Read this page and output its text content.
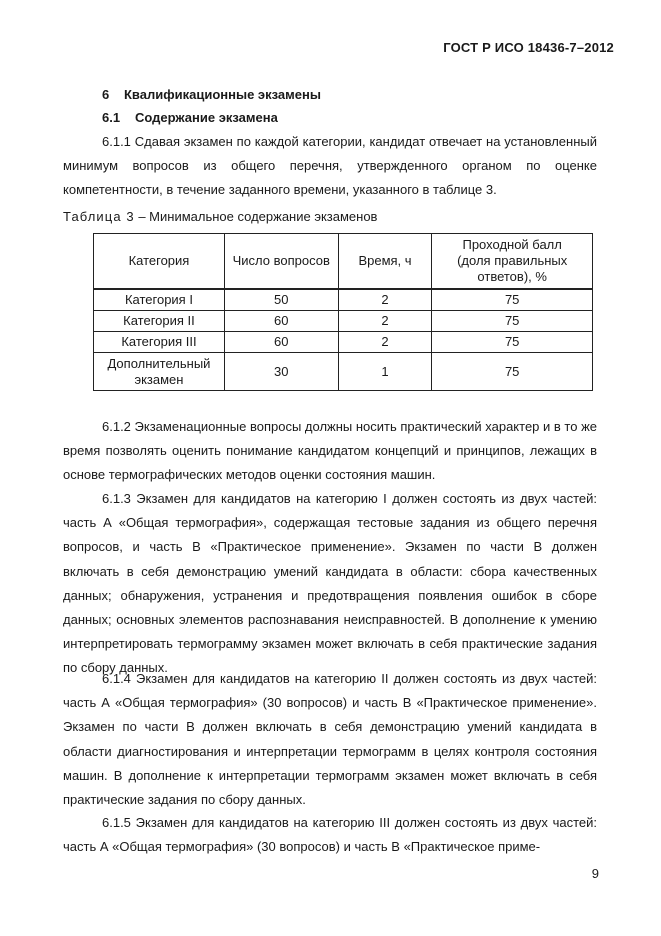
ГОСТ Р ИСО 18436-7–2012
6 Квалификационные экзамены
6.1 Содержание экзамена

6.1.1 Сдавая экзамен по каждой категории, кандидат отвечает на установленный минимум вопросов из общего перечня, утвержденного органом по оценке компетентности, в течение заданного времени, указанного в таблице 3.

Таблица 3 – Минимальное содержание экзаменов
Категория	Число вопросов	Время, ч	Проходной балл (доля правильных ответов), %
Категория I	50	2	75
Категория II	60	2	75
Категория III	60	2	75
Дополнительный экзамен	30	1	75

6.1.2 Экзаменационные вопросы должны носить практический характер и в то же время позволять оценить понимание кандидатом концепций и принципов, лежащих в основе термографических методов оценки состояния машин.

6.1.3 Экзамен для кандидатов на категорию I должен состоять из двух частей: часть А «Общая термография», содержащая тестовые задания из общего перечня вопросов, и часть В «Практическое применение». Экзамен по части В должен включать в себя демонстрацию умений кандидата в области: сбора качественных данных; обнаружения, устранения и предотвращения появления ошибок в сборе данных; основных элементов распознавания неисправностей. В дополнение к умению интерпретировать термограмму экзамен может включать в себя практические задания по сбору данных.

6.1.4 Экзамен для кандидатов на категорию II должен состоять из двух частей: часть А «Общая термография» (30 вопросов) и часть В «Практическое применение». Экзамен по части В должен включать в себя демонстрацию умений кандидата в области диагностирования и интерпретации термограмм в целях контроля состояния машин. В дополнение к интерпретации термограмм экзамен может включать в себя практические задания по сбору данных.

6.1.5 Экзамен для кандидатов на категорию III должен состоять из двух частей: часть А «Общая термография» (30 вопросов) и часть В «Практическое приме-

9
